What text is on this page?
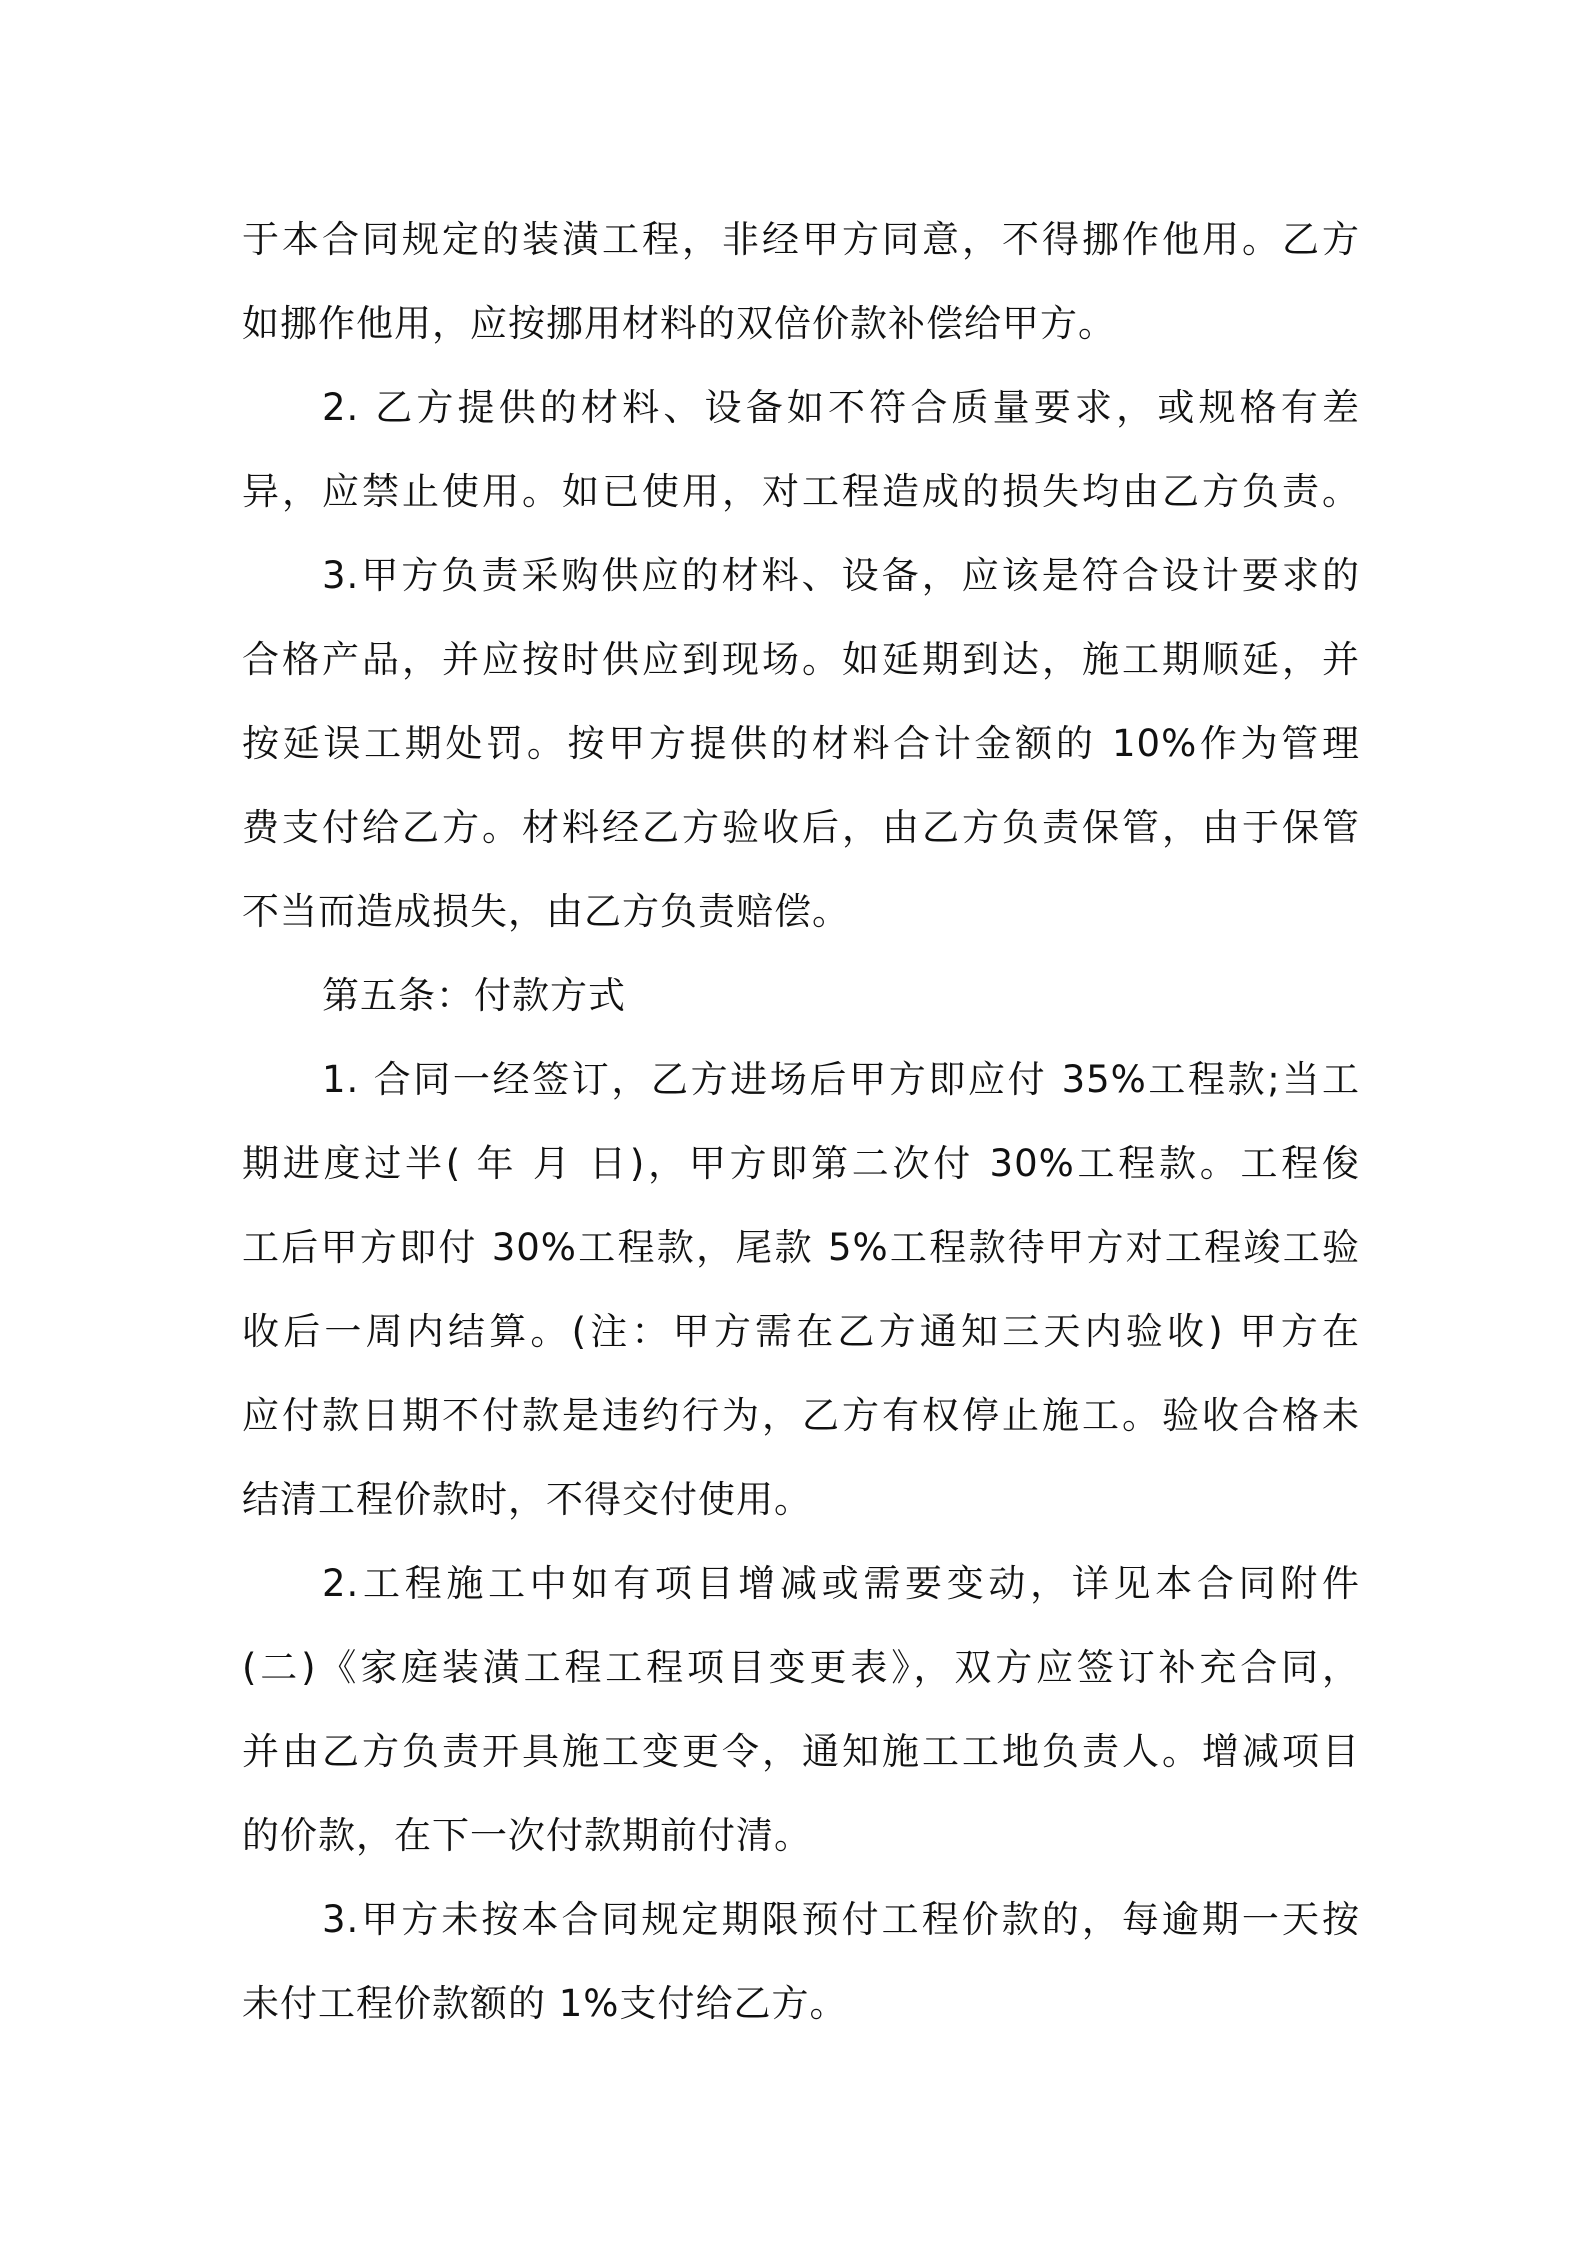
于本合同规定的装潢工程，非经甲方同意，不得挪作他用。乙方
如挪作他用，应按挪用材料的双倍价款补偿给甲方。
2. 乙方提供的材料、设备如不符合质量要求，或规格有差
异，应禁止使用。如已使用，对工程造成的损失均由乙方负责。
3.甲方负责采购供应的材料、设备，应该是符合设计要求的
合格产品，并应按时供应到现场。如延期到达，施工期顺延，并
按延误工期处罚。按甲方提供的材料合计金额的 10%作为管理
费支付给乙方。材料经乙方验收后，由乙方负责保管，由于保管
不当而造成损失，由乙方负责赔偿。
第五条：付款方式
1. 合同一经签订，乙方进场后甲方即应付 35%工程款;当工
期进度过半( 年 月 日)，甲方即第二次付 30%工程款。工程俊
工后甲方即付 30%工程款，尾款 5%工程款待甲方对工程竣工验
收后一周内结算。(注：甲方需在乙方通知三天内验收) 甲方在
应付款日期不付款是违约行为，乙方有权停止施工。验收合格未
结清工程价款时，不得交付使用。
2.工程施工中如有项目增减或需要变动，详见本合同附件
(二)《家庭装潢工程工程项目变更表》，双方应签订补充合同，
并由乙方负责开具施工变更令，通知施工工地负责人。增减项目
的价款，在下一次付款期前付清。
3.甲方未按本合同规定期限预付工程价款的，每逾期一天按
未付工程价款额的 1%支付给乙方。
